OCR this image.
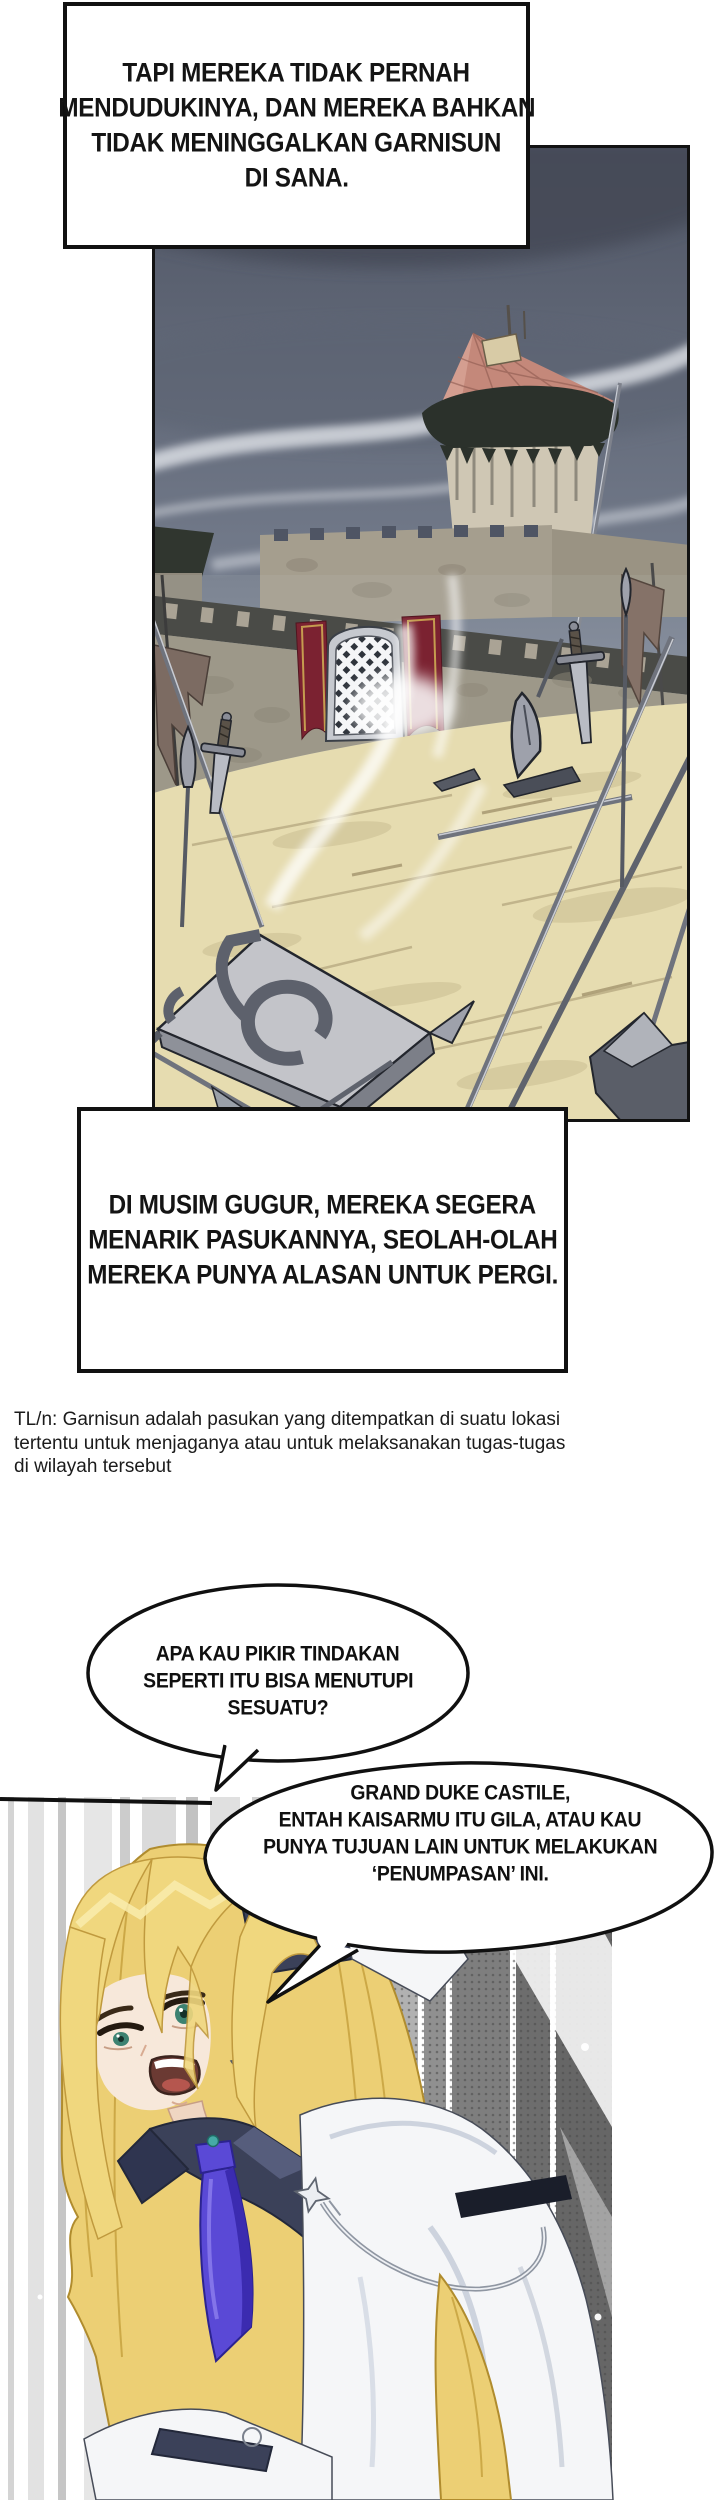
TAPI MEREKA TIDAK PERNAH
MENDUDUKINYA, DAN MEREKA BAHKAN
TIDAK MENINGGALKAN GARNISUN
DI SANA.
DI MUSIM GUGUR, MEREKA SEGERA
MENARIK PASUKANNYA, SEOLAH-OLAH
MEREKA PUNYA ALASAN UNTUK PERGI.
TL/n: Garnisun adalah pasukan yang ditempatkan di suatu lokasi
tertentu untuk menjaganya atau untuk melaksanakan tugas-tugas
di wilayah tersebut
APA KAU PIKIR TINDAKAN
SEPERTI ITU BISA MENUTUPI
SESUATU?
GRAND DUKE CASTILE,
ENTAH KAISARMU ITU GILA, ATAU KAU
PUNYA TUJUAN LAIN UNTUK MELAKUKAN
‘PENUMPASAN’ INI.
